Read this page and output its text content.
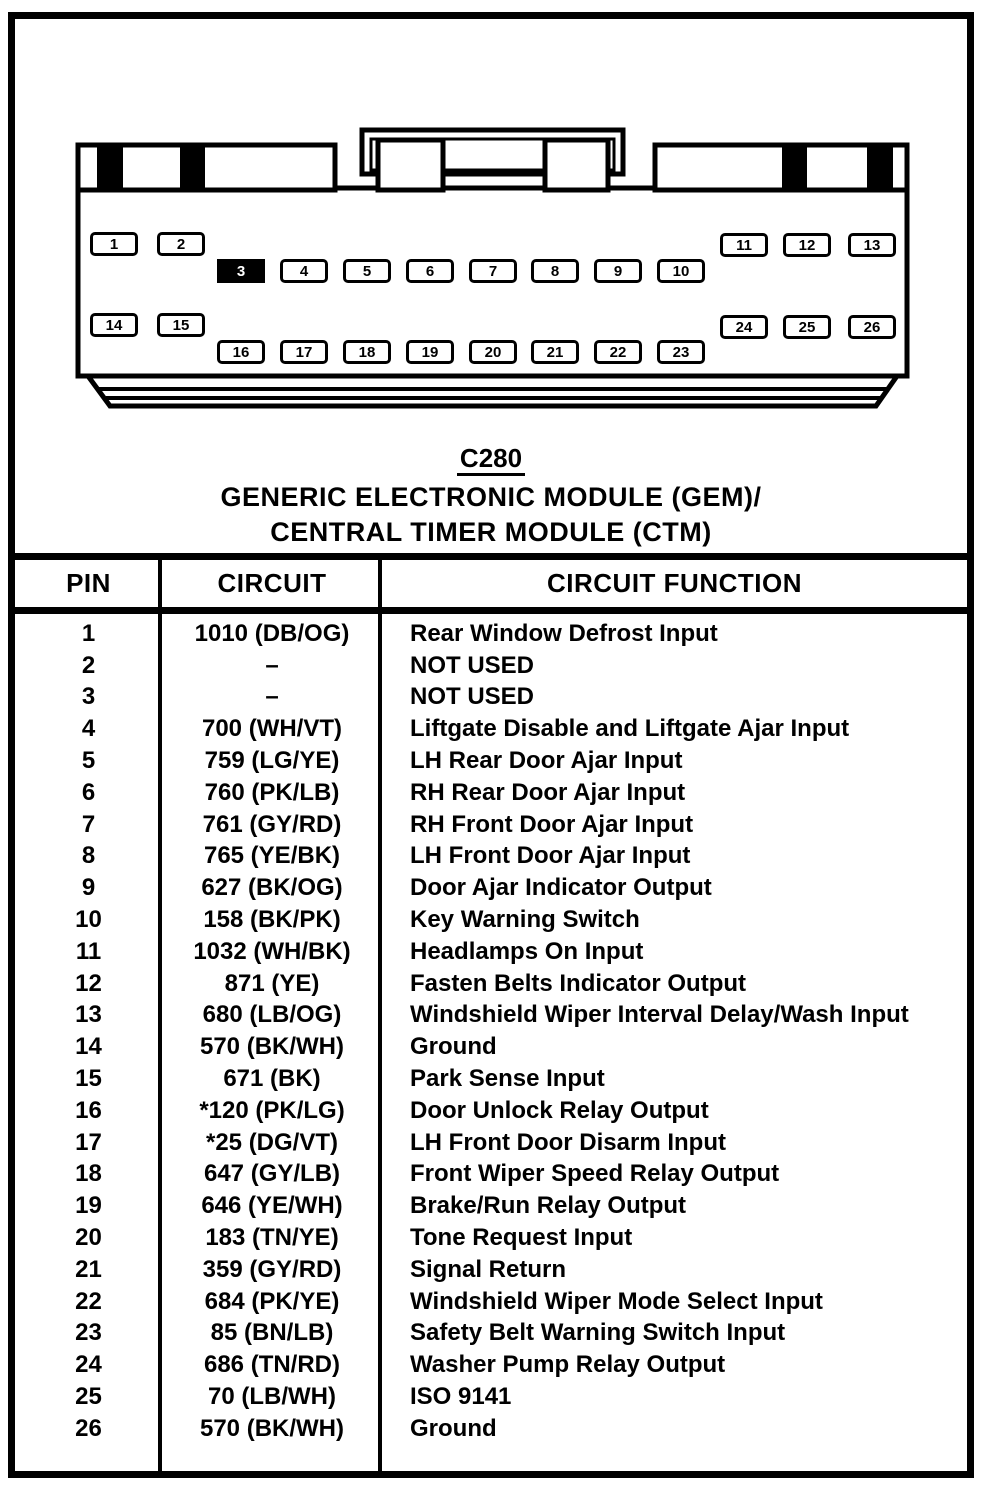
1	2
3	4	5	6	7	8	9	10
11	12	13
14	15
16	17	18	19	20	21	22	23
24	25	26
C280
GENERIC ELECTRONIC MODULE (GEM)/
CENTRAL TIMER MODULE (CTM)
PIN	CIRCUIT	CIRCUIT FUNCTION
1	1010 (DB/OG)	Rear Window Defrost Input
2	–	NOT USED
3	–	NOT USED
4	700 (WH/VT)	Liftgate Disable and Liftgate Ajar Input
5	759 (LG/YE)	LH Rear Door Ajar Input
6	760 (PK/LB)	RH Rear Door Ajar Input
7	761 (GY/RD)	RH Front Door Ajar Input
8	765 (YE/BK)	LH Front Door Ajar Input
9	627 (BK/OG)	Door Ajar Indicator Output
10	158 (BK/PK)	Key Warning Switch
11	1032 (WH/BK)	Headlamps On Input
12	871 (YE)	Fasten Belts Indicator Output
13	680 (LB/OG)	Windshield Wiper Interval Delay/Wash Input
14	570 (BK/WH)	Ground
15	671 (BK)	Park Sense Input
16	*120 (PK/LG)	Door Unlock Relay Output
17	*25 (DG/VT)	LH Front Door Disarm Input
18	647 (GY/LB)	Front Wiper Speed Relay Output
19	646 (YE/WH)	Brake/Run Relay Output
20	183 (TN/YE)	Tone Request Input
21	359 (GY/RD)	Signal Return
22	684 (PK/YE)	Windshield Wiper Mode Select Input
23	85 (BN/LB)	Safety Belt Warning Switch Input
24	686 (TN/RD)	Washer Pump Relay Output
25	70 (LB/WH)	ISO 9141
26	570 (BK/WH)	Ground
